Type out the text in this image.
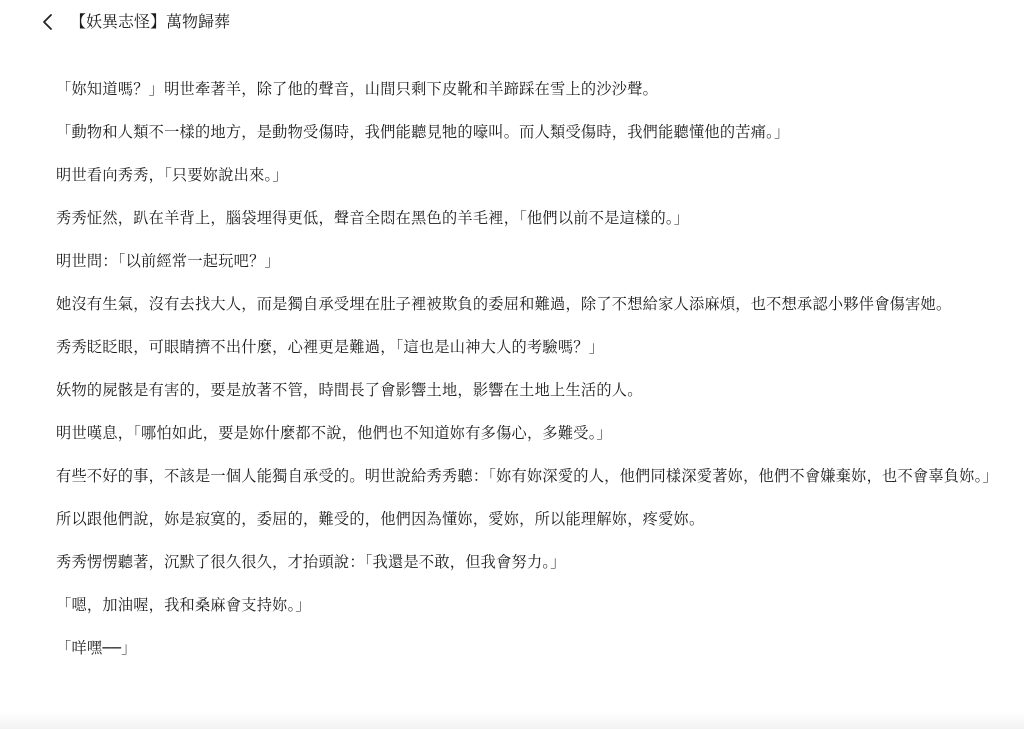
【妖異志怪】萬物歸葬

「妳知道嗎？」明世牽著羊，除了他的聲音，山間只剩下皮靴和羊蹄踩在雪上的沙沙聲。

「動物和人類不一樣的地方，是動物受傷時，我們能聽見牠的嚎叫。而人類受傷時，我們能聽懂他的苦痛。」

明世看向秀秀，「只要妳說出來。」

秀秀怔然，趴在羊背上，腦袋埋得更低，聲音全悶在黑色的羊毛裡，「他們以前不是這樣的。」

明世問：「以前經常一起玩吧？」

她沒有生氣，沒有去找大人，而是獨自承受埋在肚子裡被欺負的委屈和難過，除了不想給家人添麻煩，也不想承認小夥伴會傷害她。

秀秀眨眨眼，可眼睛擠不出什麼，心裡更是難過，「這也是山神大人的考驗嗎？」

妖物的屍骸是有害的，要是放著不管，時間長了會影響土地，影響在土地上生活的人。

明世嘆息，「哪怕如此，要是妳什麼都不說，他們也不知道妳有多傷心，多難受。」

有些不好的事，不該是一個人能獨自承受的。明世說給秀秀聽：「妳有妳深愛的人，他們同樣深愛著妳，他們不會嫌棄妳，也不會辜負妳。」

所以跟他們說，妳是寂寞的，委屈的，難受的，他們因為懂妳，愛妳，所以能理解妳，疼愛妳。

秀秀愣愣聽著，沉默了很久很久，才抬頭說：「我還是不敢，但我會努力。」

「嗯，加油喔，我和桑麻會支持妳。」

「咩嘿──」
